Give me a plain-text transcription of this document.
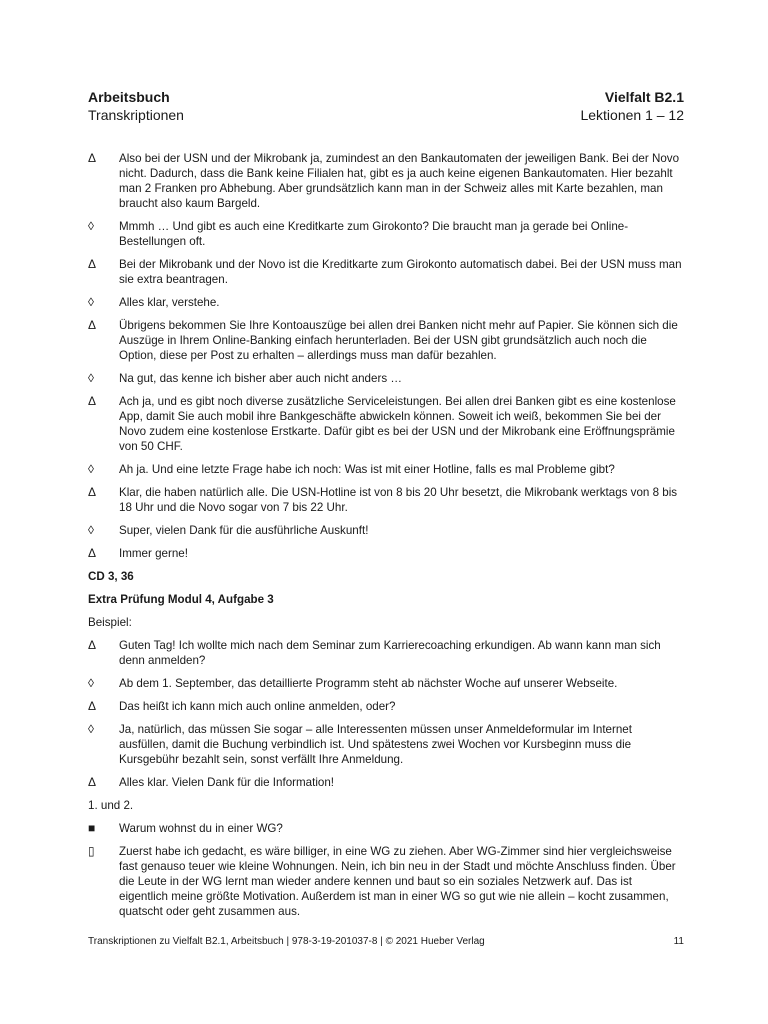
Arbeitsbuch	Vielfalt B2.1
Transkriptionen	Lektionen 1 – 12
Δ	Also bei der USN und der Mikrobank ja, zumindest an den Bankautomaten der jeweiligen Bank. Bei der Novo nicht. Dadurch, dass die Bank keine Filialen hat, gibt es ja auch keine eigenen Bankautomaten. Hier bezahlt man 2 Franken pro Abhebung. Aber grundsätzlich kann man in der Schweiz alles mit Karte bezahlen, man braucht also kaum Bargeld.
◊	Mmmh … Und gibt es auch eine Kreditkarte zum Girokonto? Die braucht man ja gerade bei Online-Bestellungen oft.
Δ	Bei der Mikrobank und der Novo ist die Kreditkarte zum Girokonto automatisch dabei. Bei der USN muss man sie extra beantragen.
◊	Alles klar, verstehe.
Δ	Übrigens bekommen Sie Ihre Kontoauszüge bei allen drei Banken nicht mehr auf Papier. Sie können sich die Auszüge in Ihrem Online-Banking einfach herunterladen. Bei der USN gibt grundsätzlich auch noch die Option, diese per Post zu erhalten – allerdings muss man dafür bezahlen.
◊	Na gut, das kenne ich bisher aber auch nicht anders …
Δ	Ach ja, und es gibt noch diverse zusätzliche Serviceleistungen. Bei allen drei Banken gibt es eine kostenlose App, damit Sie auch mobil ihre Bankgeschäfte abwickeln können. Soweit ich weiß, bekommen Sie bei der Novo zudem eine kostenlose Erstkarte. Dafür gibt es bei der USN und der Mikrobank eine Eröffnungsprämie von 50 CHF.
◊	Ah ja. Und eine letzte Frage habe ich noch: Was ist mit einer Hotline, falls es mal Probleme gibt?
Δ	Klar, die haben natürlich alle. Die USN-Hotline ist von 8 bis 20 Uhr besetzt, die Mikrobank werktags von 8 bis 18 Uhr und die Novo sogar von 7 bis 22 Uhr.
◊	Super, vielen Dank für die ausführliche Auskunft!
Δ	Immer gerne!
CD 3, 36
Extra Prüfung Modul 4, Aufgabe 3
Beispiel:
Δ	Guten Tag! Ich wollte mich nach dem Seminar zum Karrierecoaching erkundigen. Ab wann kann man sich denn anmelden?
◊	Ab dem 1. September, das detaillierte Programm steht ab nächster Woche auf unserer Webseite.
Δ	Das heißt ich kann mich auch online anmelden, oder?
◊	Ja, natürlich, das müssen Sie sogar – alle Interessenten müssen unser Anmeldeformular im Internet ausfüllen, damit die Buchung verbindlich ist. Und spätestens zwei Wochen vor Kursbeginn muss die Kursgebühr bezahlt sein, sonst verfällt Ihre Anmeldung.
Δ	Alles klar. Vielen Dank für die Information!
1. und 2.
■	Warum wohnst du in einer WG?
▯	Zuerst habe ich gedacht, es wäre billiger, in eine WG zu ziehen. Aber WG-Zimmer sind hier vergleichsweise fast genauso teuer wie kleine Wohnungen. Nein, ich bin neu in der Stadt und möchte Anschluss finden. Über die Leute in der WG lernt man wieder andere kennen und baut so ein soziales Netzwerk auf. Das ist eigentlich meine größte Motivation. Außerdem ist man in einer WG so gut wie nie allein – kocht zusammen, quatscht oder geht zusammen aus.
Transkriptionen zu Vielfalt B2.1, Arbeitsbuch | 978-3-19-201037-8 | © 2021 Hueber Verlag	11
